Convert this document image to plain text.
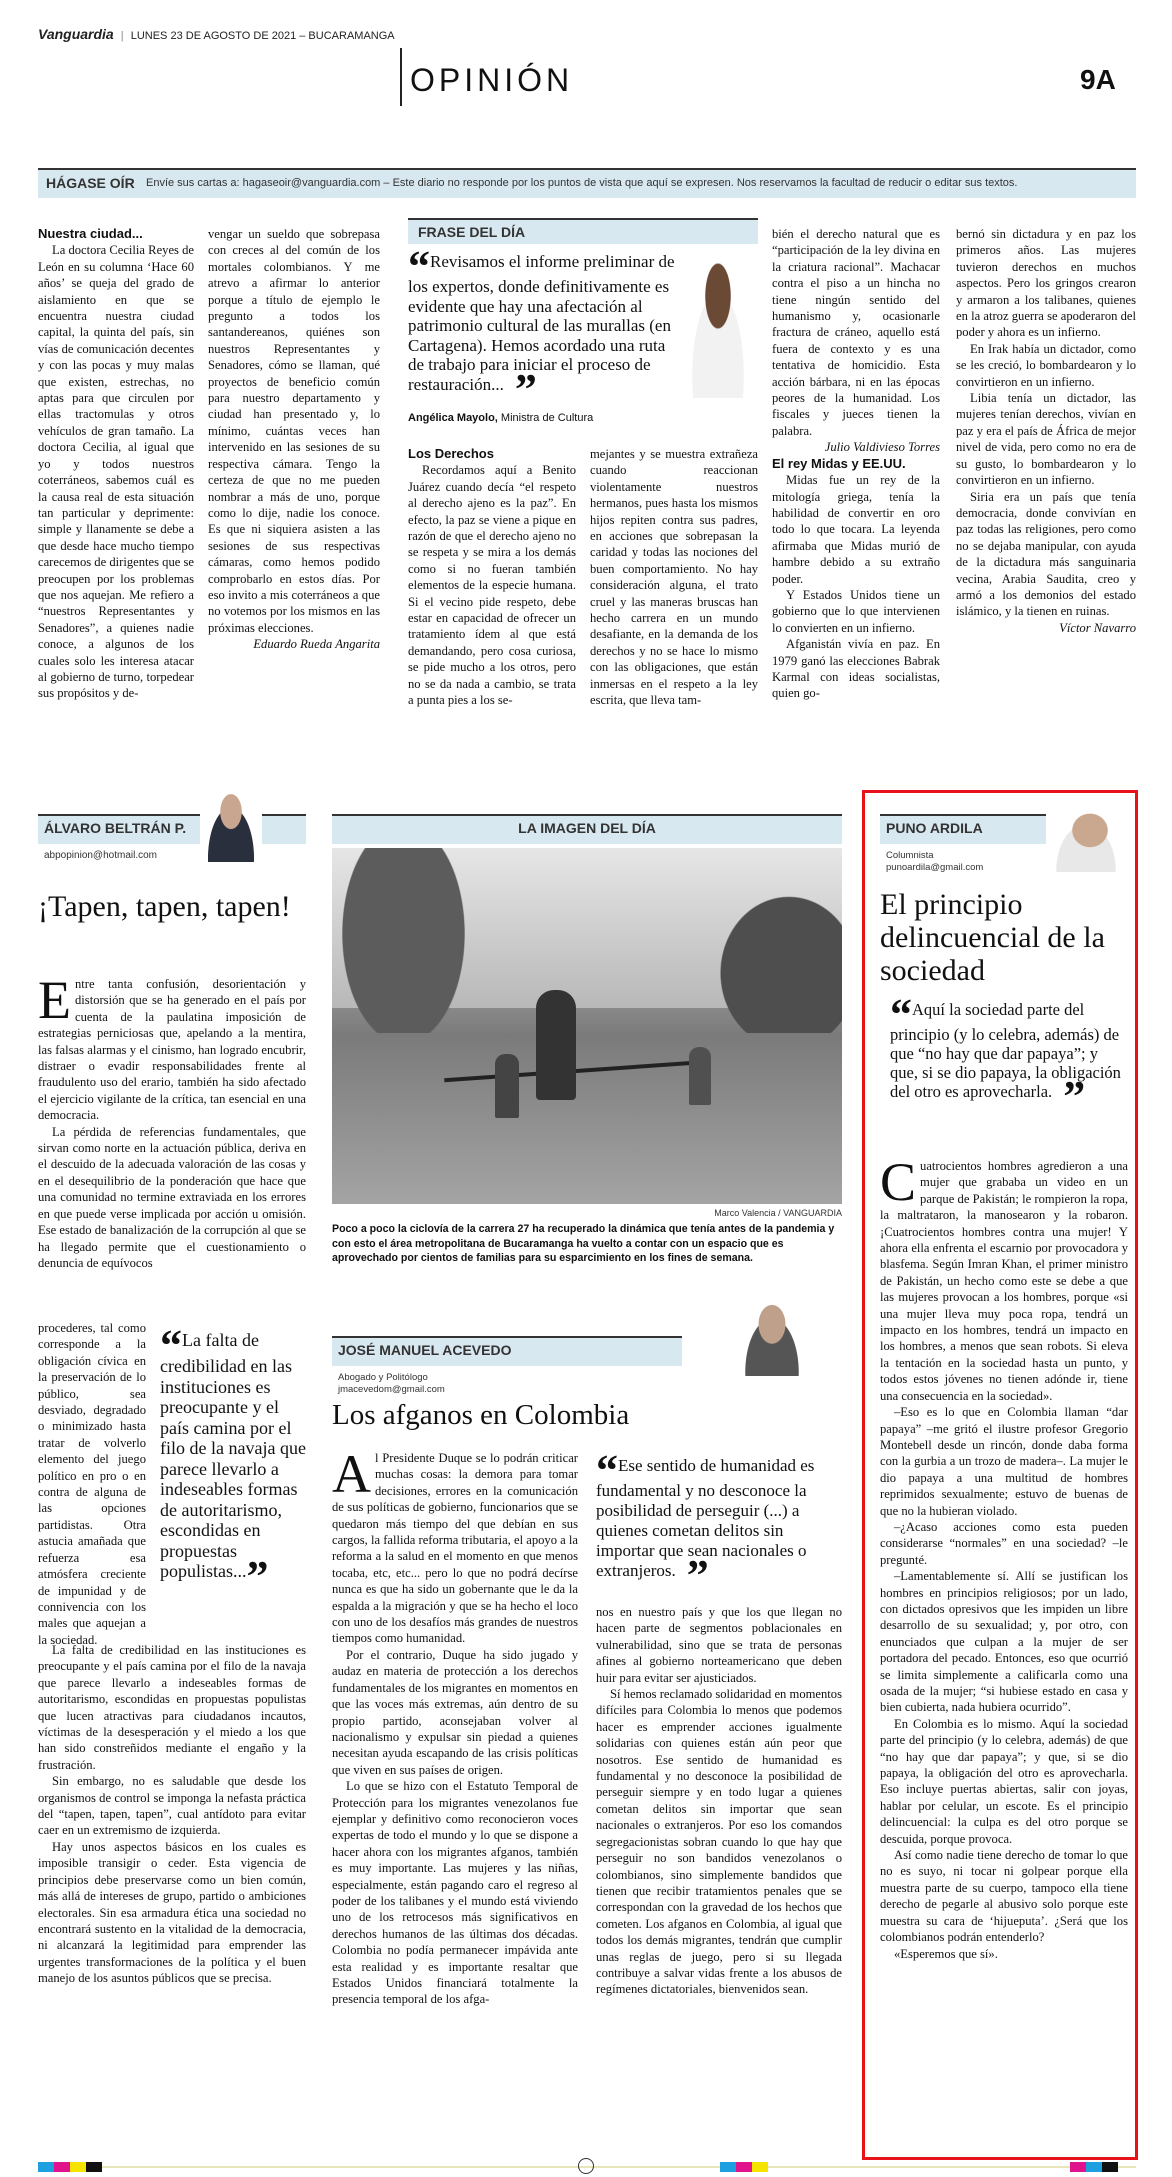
Vanguardia | LUNES 23 DE AGOSTO DE 2021 – BUCARAMANGA
OPINIÓN	9A
HÁGASE OÍR Envíe sus cartas a: hagaseoir@vanguardia.com – Este diario no responde por los puntos de vista que aquí se expresen. Nos reservamos la facultad de reducir o editar sus textos.

Nuestra ciudad...

La doctora Cecilia Reyes de León en su columna ‘Hace 60 años’ se queja del grado de aislamiento en que se encuentra nuestra ciudad capital, la quinta del país, sin vías de comunicación decentes y con las pocas y muy malas que existen, estrechas, no aptas para que circulen por ellas tractomulas y otros vehículos de gran tamaño. La doctora Cecilia, al igual que yo y todos nuestros coterráneos, sabemos cuál es la causa real de esta situación tan particular y deprimente: simple y llanamente se debe a que desde hace mucho tiempo carecemos de dirigentes que se preocupen por los problemas que nos aquejan. Me refiero a “nuestros Representantes y Senadores”, a quienes nadie conoce, a algunos de los cuales solo les interesa atacar al gobierno de turno, torpedear sus propósitos y de-

vengar un sueldo que sobrepasa con creces al del común de los mortales colombianos. Y me atrevo a afirmar lo anterior porque a título de ejemplo le pregunto a todos los santandereanos, quiénes son nuestros Representantes y Senadores, cómo se llaman, qué proyectos de beneficio común para nuestro departamento y ciudad han presentado y, lo mínimo, cuántas veces han intervenido en las sesiones de su respectiva cámara. Tengo la certeza de que no me pueden nombrar a más de uno, porque como lo dije, nadie los conoce. Es que ni siquiera asisten a las sesiones de sus respectivas cámaras, como hemos podido comprobarlo en estos días. Por eso invito a mis coterráneos a que no votemos por los mismos en las próximas elecciones.

Eduardo Rueda Angarita

FRASE DEL DÍA
“Revisamos el informe preliminar de los expertos, donde definitivamente es evidente que hay una afectación al patrimonio cultural de las murallas (en Cartagena). Hemos acordado una ruta de trabajo para iniciar el proceso de restauración... ”
Angélica Mayolo, Ministra de Cultura

Los Derechos

Recordamos aquí a Benito Juárez cuando decía “el respeto al derecho ajeno es la paz”. En efecto, la paz se viene a pique en razón de que el derecho ajeno no se respeta y se mira a los demás como si no fueran también elementos de la especie humana. Si el vecino pide respeto, debe estar en capacidad de ofrecer un tratamiento ídem al que está demandando, pero cosa curiosa, se pide mucho a los otros, pero no se da nada a cambio, se trata a punta pies a los se-

mejantes y se muestra extrañeza cuando reaccionan violentamente nuestros hermanos, pues hasta los mismos hijos repiten contra sus padres, en acciones que sobrepasan la caridad y todas las nociones del buen comportamiento. No hay consideración alguna, el trato cruel y las maneras bruscas han hecho carrera en un mundo desafiante, en la demanda de los derechos y no se hace lo mismo con las obligaciones, que están inmersas en el respeto a la ley escrita, que lleva tam-

bién el derecho natural que es “participación de la ley divina en la criatura racional”. Machacar contra el piso a un hincha no tiene ningún sentido del humanismo y, ocasionarle fractura de cráneo, aquello está fuera de contexto y es una tentativa de homicidio. Esta acción bárbara, ni en las épocas peores de la humanidad. Los fiscales y jueces tienen la palabra.

Julio Valdivieso Torres

El rey Midas y EE.UU.

Midas fue un rey de la mitología griega, tenía la habilidad de convertir en oro todo lo que tocara. La leyenda afirmaba que Midas murió de hambre debido a su extraño poder.

Y Estados Unidos tiene un gobierno que lo que intervienen lo convierten en un infierno.

Afganistán vivía en paz. En 1979 ganó las elecciones Babrak Karmal con ideas socialistas, quien go-

bernó sin dictadura y en paz los primeros años. Las mujeres tuvieron derechos en muchos aspectos. Pero los gringos crearon y armaron a los talibanes, quienes en la atroz guerra se apoderaron del poder y ahora es un infierno.

En Irak había un dictador, como se les creció, lo bombardearon y lo convirtieron en un infierno.

Libia tenía un dictador, las mujeres tenían derechos, vivían en paz y era el país de África de mejor nivel de vida, pero como no era de su gusto, lo bombardearon y lo convirtieron en un infierno.

Siria era un país que tenía democracia, donde convivían en paz todas las religiones, pero como no se dejaba manipular, con ayuda de la dictadura más sanguinaria vecina, Arabia Saudita, creo y armó a los demonios del estado islámico, y la tienen en ruinas.

Víctor Navarro

ÁLVARO BELTRÁN P.
abpopinion@hotmail.com
¡Tapen, tapen, tapen!

Entre tanta confusión, desorientación y distorsión que se ha generado en el país por cuenta de la paulatina imposición de estrategias perniciosas que, apelando a la mentira, las falsas alarmas y el cinismo, han logrado encubrir, distraer o evadir responsabilidades frente al fraudulento uso del erario, también ha sido afectado el ejercicio vigilante de la crítica, tan esencial en una democracia.

La pérdida de referencias fundamentales, que sirvan como norte en la actuación pública, deriva en el descuido de la adecuada valoración de las cosas y en el desequilibrio de la ponderación que hace que una comunidad no termine extraviada en los errores en que puede verse implicada por acción u omisión. Ese estado de banalización de la corrupción al que se ha llegado permite que el cuestionamiento o denuncia de equívocos

procederes, tal como corresponde a la obligación cívica en la preservación de lo público, sea desviado, degradado o minimizado hasta tratar de volverlo elemento del juego político en pro o en contra de alguna de las opciones partidistas. Otra astucia amañada que refuerza esa atmósfera creciente de impunidad y de connivencia con los males que aquejan a la sociedad.

“La falta de credibilidad en las instituciones es preocupante y el país camina por el filo de la navaja que parece llevarlo a indeseables formas de autoritarismo, escondidas en propuestas populistas...”

La falta de credibilidad en las instituciones es preocupante y el país camina por el filo de la navaja que parece llevarlo a indeseables formas de autoritarismo, escondidas en propuestas populistas que lucen atractivas para ciudadanos incautos, víctimas de la desesperación y el miedo a los que han sido constreñidos mediante el engaño y la frustración.

Sin embargo, no es saludable que desde los organismos de control se imponga la nefasta práctica del “tapen, tapen, tapen”, cual antídoto para evitar caer en un extremismo de izquierda.

Hay unos aspectos básicos en los cuales es imposible transigir o ceder. Esta vigencia de principios debe preservarse como un bien común, más allá de intereses de grupo, partido o ambiciones electorales. Sin esa armadura ética una sociedad no encontrará sustento en la vitalidad de la democracia, ni alcanzará la legitimidad para emprender las urgentes transformaciones de la política y el buen manejo de los asuntos públicos que se precisa.

LA IMAGEN DEL DÍA
Marco Valencia / VANGUARDIA
Poco a poco la ciclovía de la carrera 27 ha recuperado la dinámica que tenía antes de la pandemia y con esto el área metropolitana de Bucaramanga ha vuelto a contar con un espacio que es aprovechado por cientos de familias para su esparcimiento en los fines de semana.
JOSÉ MANUEL ACEVEDO
Abogado y Politólogo
jmacevedom@gmail.com
Los afganos en Colombia

Al Presidente Duque se lo podrán criticar muchas cosas: la demora para tomar decisiones, errores en la comunicación de sus políticas de gobierno, funcionarios que se quedaron más tiempo del que debían en sus cargos, la fallida reforma tributaria, el apoyo a la reforma a la salud en el momento en que menos tocaba, etc, etc... pero lo que no podrá decírse nunca es que ha sido un gobernante que le da la espalda a la migración y que se ha hecho el loco con uno de los desafíos más grandes de nuestros tiempos como humanidad.

Por el contrario, Duque ha sido jugado y audaz en materia de protección a los derechos fundamentales de los migrantes en momentos en que las voces más extremas, aún dentro de su propio partido, aconsejaban volver al nacionalismo y expulsar sin piedad a quienes necesitan ayuda escapando de las crisis políticas que viven en sus países de origen.

Lo que se hizo con el Estatuto Temporal de Protección para los migrantes venezolanos fue ejemplar y definitivo como reconocieron voces expertas de todo el mundo y lo que se dispone a hacer ahora con los migrantes afganos, también es muy importante. Las mujeres y las niñas, especialmente, están pagando caro el regreso al poder de los talibanes y el mundo está viviendo uno de los retrocesos más significativos en derechos humanos de las últimas dos décadas. Colombia no podía permanecer impávida ante esta realidad y es importante resaltar que Estados Unidos financiará totalmente la presencia temporal de los afga-

“Ese sentido de humanidad es fundamental y no desconoce la posibilidad de perseguir (...) a quienes cometan delitos sin importar que sean nacionales o extranjeros. ”

nos en nuestro país y que los que llegan no hacen parte de segmentos poblacionales en vulnerabilidad, sino que se trata de personas afines al gobierno norteamericano que deben huir para evitar ser ajusticiados.

Sí hemos reclamado solidaridad en momentos difíciles para Colombia lo menos que podemos hacer es emprender acciones igualmente solidarias con quienes están aún peor que nosotros. Ese sentido de humanidad es fundamental y no desconoce la posibilidad de perseguir siempre y en todo lugar a quienes cometan delitos sin importar que sean nacionales o extranjeros. Por eso los comandos segregacionistas sobran cuando lo que hay que perseguir no son bandidos venezolanos o colombianos, sino simplemente bandidos que tienen que recibir tratamientos penales que se correspondan con la gravedad de los hechos que cometen. Los afganos en Colombia, al igual que todos los demás migrantes, tendrán que cumplir unas reglas de juego, pero si su llegada contribuye a salvar vidas frente a los abusos de regímenes dictatoriales, bienvenidos sean.

PUNO ARDILA
Columnista
punoardila@gmail.com
El principio delincuencial de la sociedad
“Aquí la sociedad parte del principio (y lo celebra, además) de que “no hay que dar papaya”; y que, si se dio papaya, la obligación del otro es aprovecharla. ”

Cuatrocientos hombres agredieron a una mujer que grababa un video en un parque de Pakistán; le rompieron la ropa, la maltrataron, la manosearon y la robaron. ¡Cuatrocientos hombres contra una mujer! Y ahora ella enfrenta el escarnio por provocadora y blasfema. Según Imran Khan, el primer ministro de Pakistán, un hecho como este se debe a que las mujeres provocan a los hombres, porque «si una mujer lleva muy poca ropa, tendrá un impacto en los hombres, tendrá un impacto en los hombres, a menos que sean robots. Si eleva la tentación en la sociedad hasta un punto, y todos estos jóvenes no tienen adónde ir, tiene una consecuencia en la sociedad».

–Eso es lo que en Colombia llaman “dar papaya” –me gritó el ilustre profesor Gregorio Montebell desde un rincón, donde daba forma con la gurbia a un trozo de madera–. La mujer le dio papaya a una multitud de hombres reprimidos sexualmente; estuvo de buenas de que no la hubieran violado.

–¿Acaso acciones como esta pueden considerarse “normales” en una sociedad? –le pregunté.

–Lamentablemente sí. Allí se justifican los hombres en principios religiosos; por un lado, con dictados opresivos que les impiden un libre desarrollo de su sexualidad; y, por otro, con enunciados que culpan a la mujer de ser portadora del pecado. Entonces, eso que ocurrió se limita simplemente a calificarla como una osada de la mujer; “si hubiese estado en casa y bien cubierta, nada hubiera ocurrido”.

En Colombia es lo mismo. Aquí la sociedad parte del principio (y lo celebra, además) de que “no hay que dar papaya”; y que, si se dio papaya, la obligación del otro es aprovecharla. Eso incluye puertas abiertas, salir con joyas, hablar por celular, un escote. Es el principio delincuencial: la culpa es del otro porque se descuida, porque provoca.

Así como nadie tiene derecho de tomar lo que no es suyo, ni tocar ni golpear porque ella muestra parte de su cuerpo, tampoco ella tiene derecho de pegarle al abusivo solo porque este muestra su cara de ‘hijueputa’. ¿Será que los colombianos podrán entenderlo?

«Esperemos que sí».
